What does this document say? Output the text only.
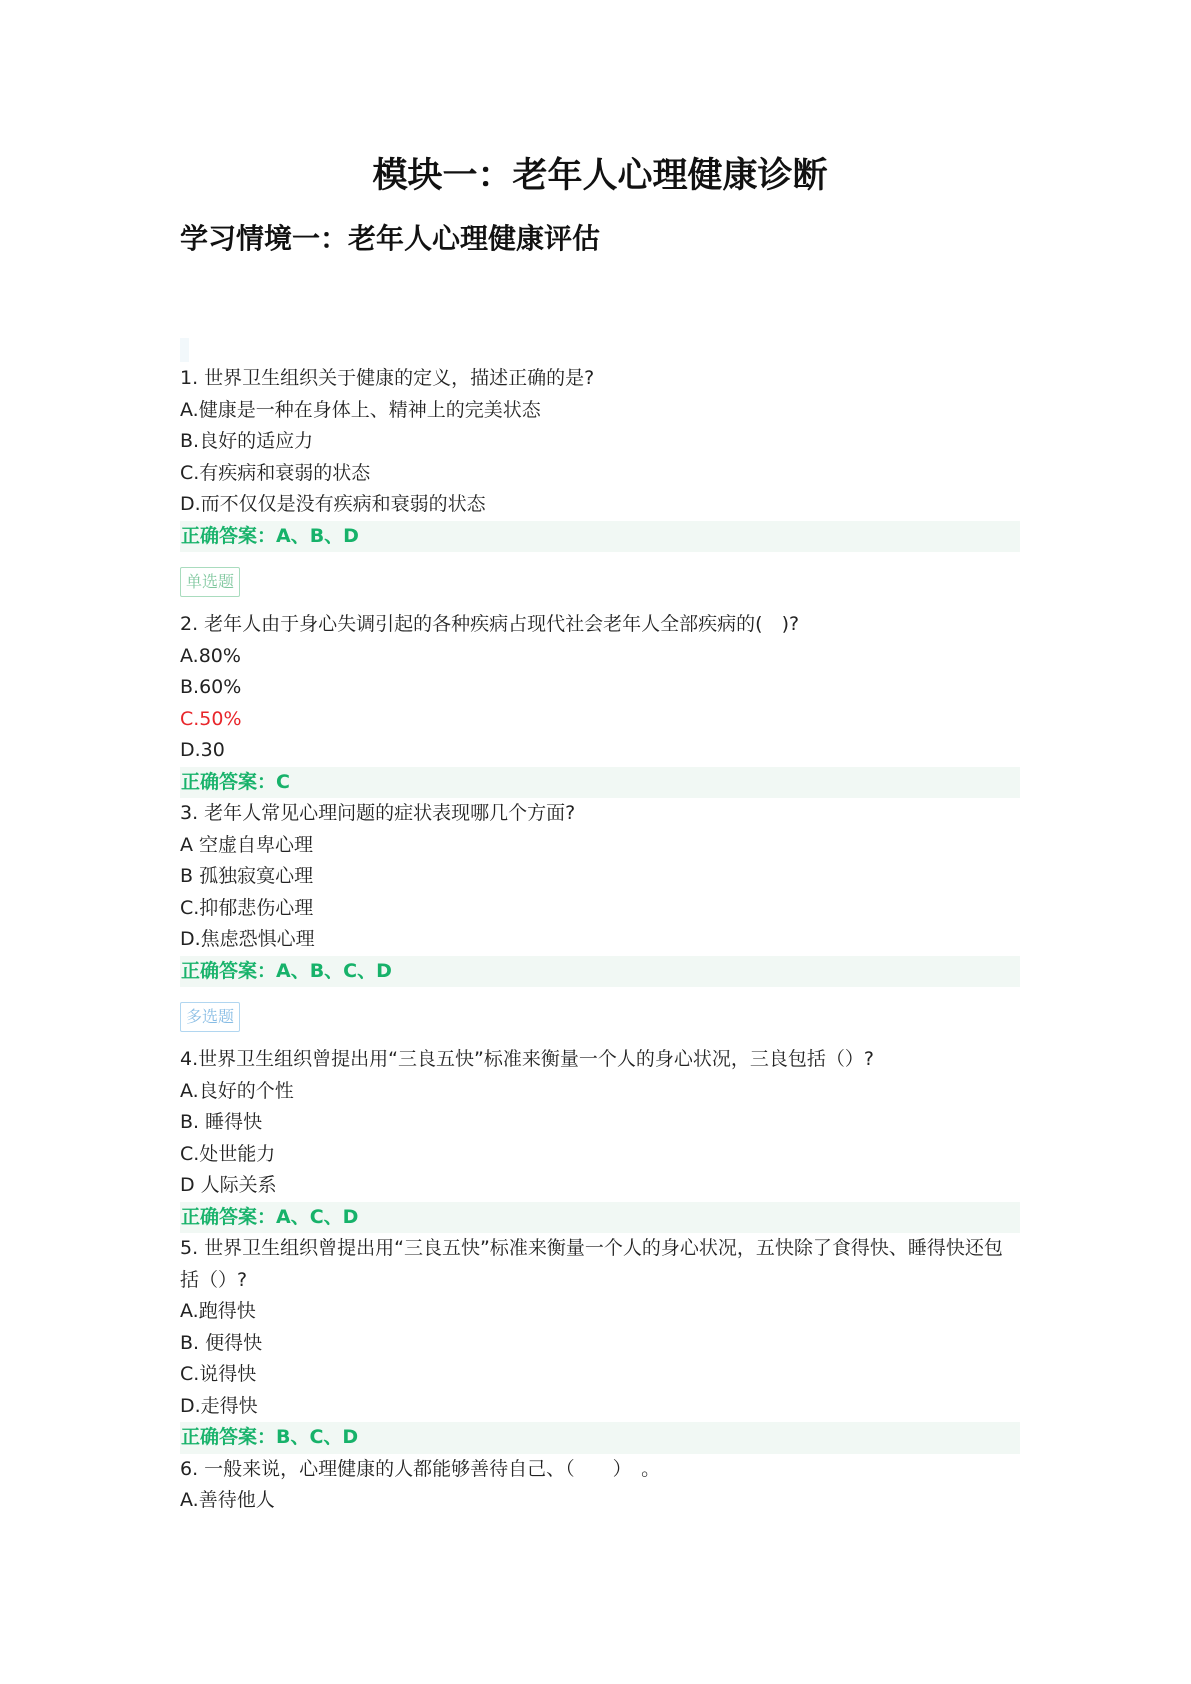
模块一：老年人心理健康诊断
学习情境一：老年人心理健康评估
1. 世界卫生组织关于健康的定义，描述正确的是?
A.健康是一种在身体上、精神上的完美状态
B.良好的适应力
C.有疾病和衰弱的状态
D.而不仅仅是没有疾病和衰弱的状态
正确答案：A、B、D
单选题
2. 老年人由于身心失调引起的各种疾病占现代社会老年人全部疾病的(　)?
A.80%
B.60%
C.50%
D.30
正确答案：C
3. 老年人常见心理问题的症状表现哪几个方面?
A 空虚自卑心理
B 孤独寂寞心理
C.抑郁悲伤心理
D.焦虑恐惧心理
正确答案：A、B、C、D
多选题
4.世界卫生组织曾提出用“三良五快”标准来衡量一个人的身心状况，三良包括（）?
A.良好的个性
B. 睡得快
C.处世能力
D 人际关系
正确答案：A、C、D
5. 世界卫生组织曾提出用“三良五快”标准来衡量一个人的身心状况，五快除了食得快、睡得快还包括（）?
A.跑得快
B. 便得快
C.说得快
D.走得快
正确答案：B、C、D
6. 一般来说，心理健康的人都能够善待自己、（　　）　。
A.善待他人
